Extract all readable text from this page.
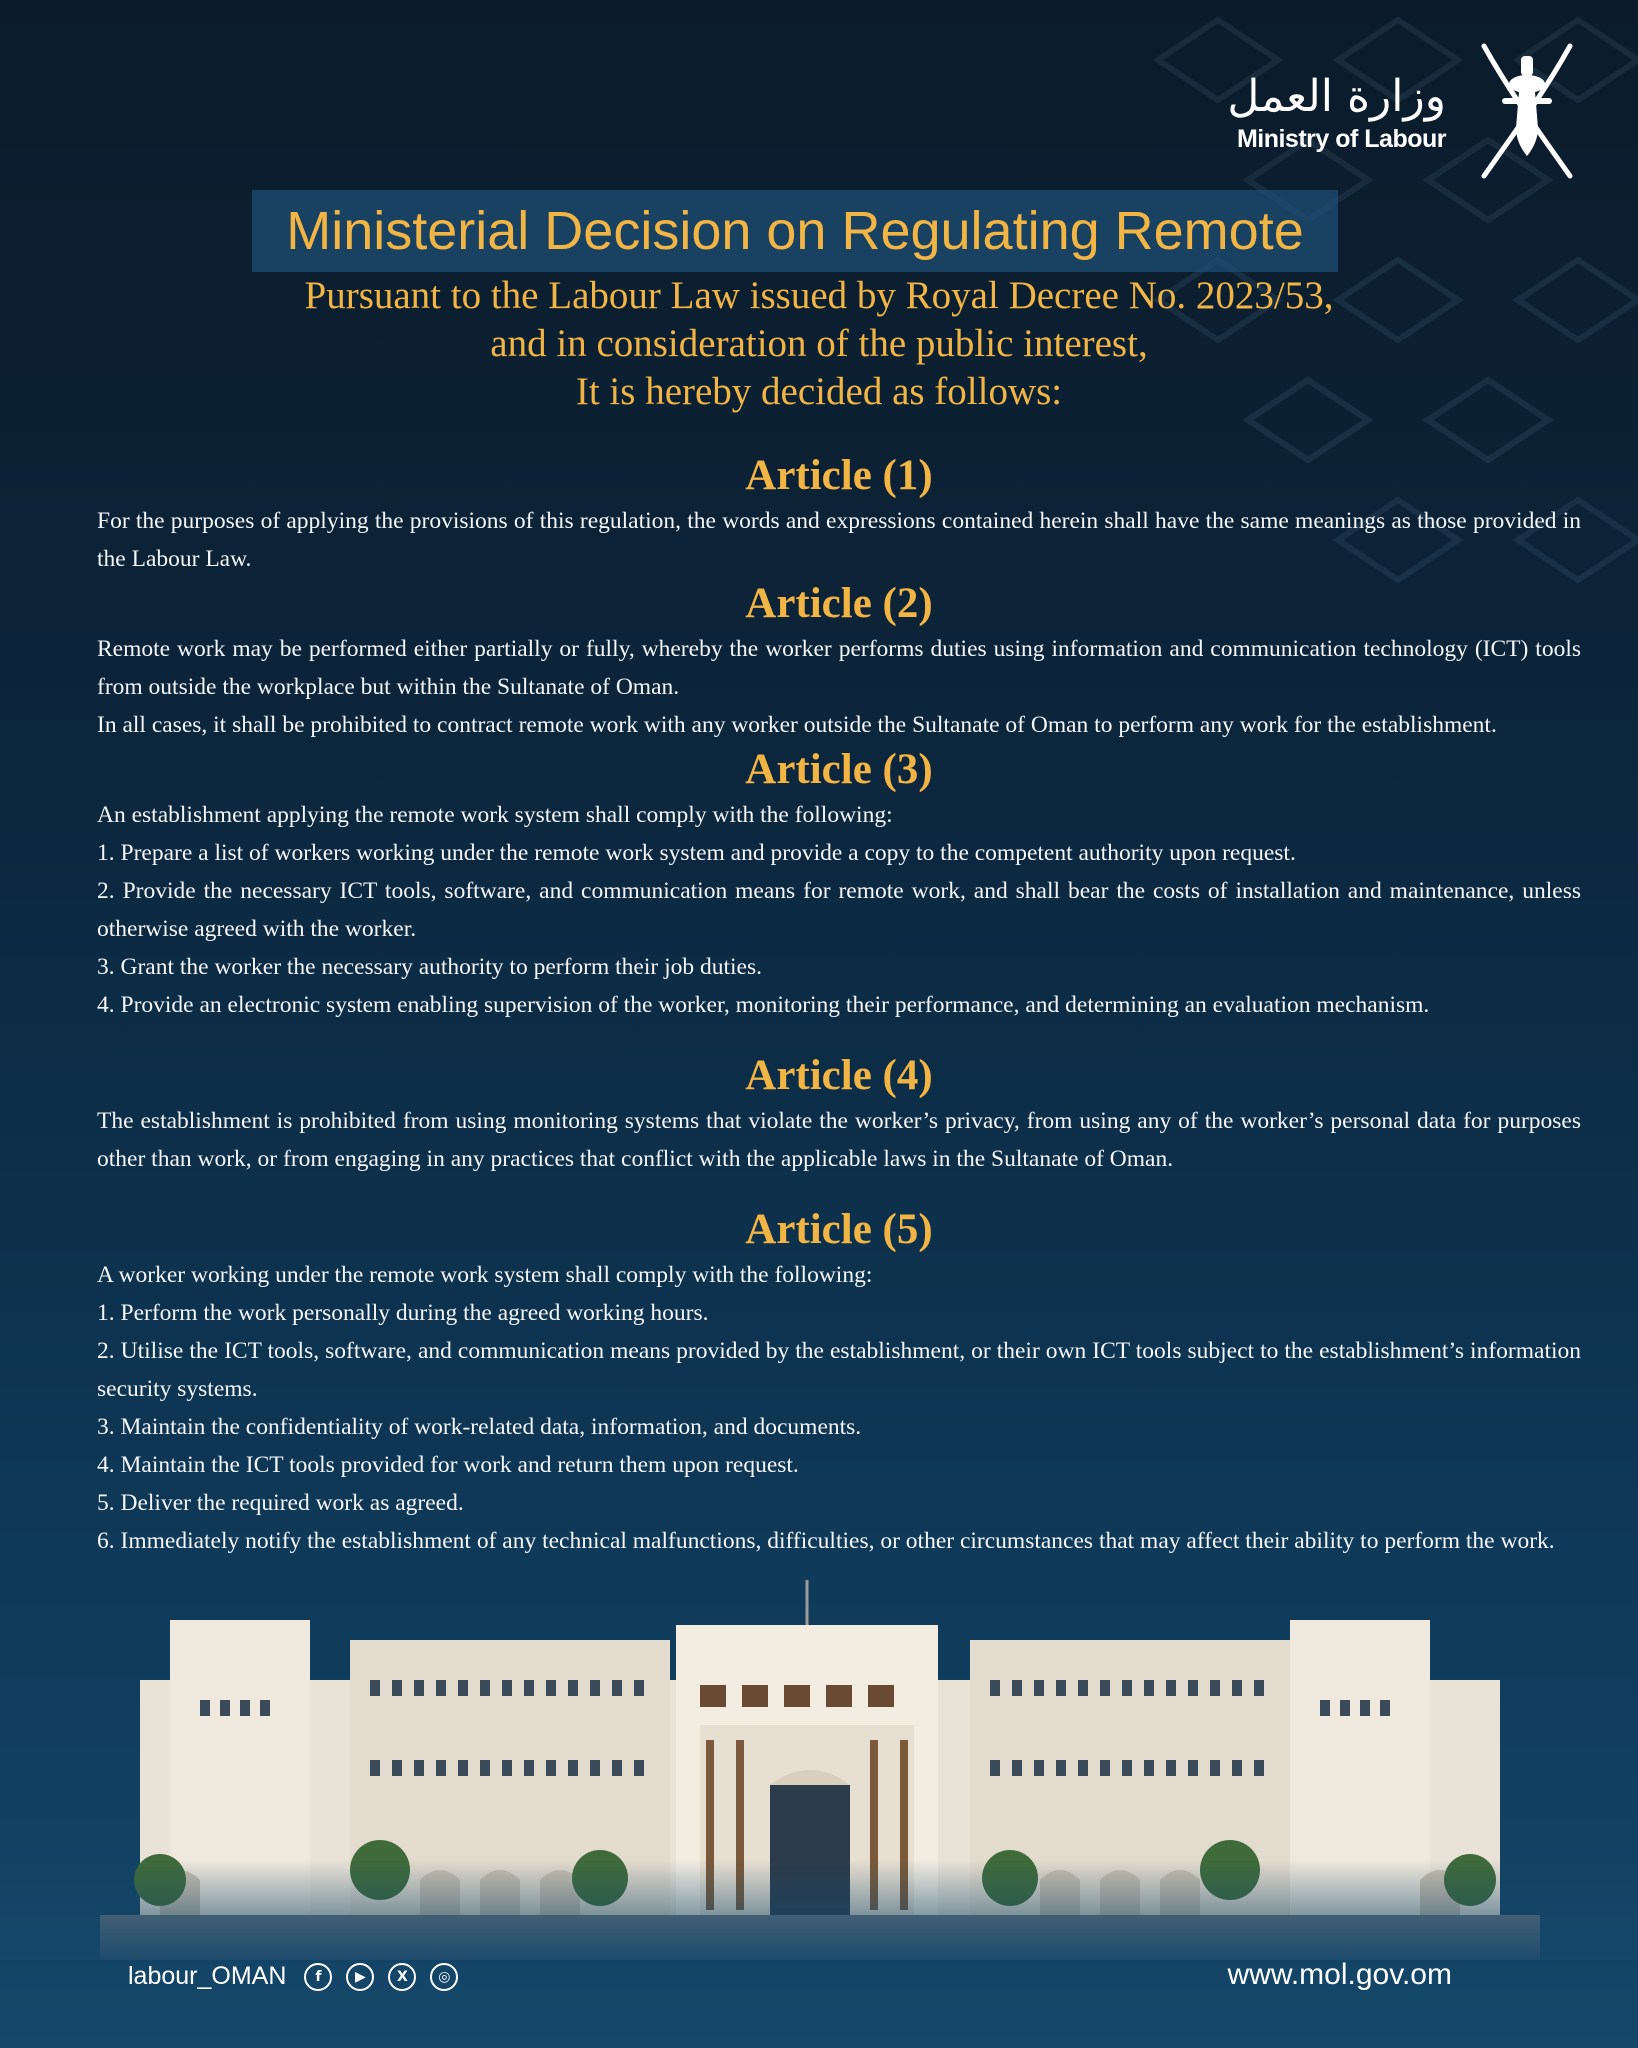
وزارة العمل
Ministry of Labour
Ministerial Decision on Regulating Remote
Pursuant to the Labour Law issued by Royal Decree No. 2023/53,
and in consideration of the public interest,
It is hereby decided as follows:
Article (1)

For the purposes of applying the provisions of this regulation, the words and expressions contained herein shall have the same meanings as those provided in the Labour Law.

Article (2)

Remote work may be performed either partially or fully, whereby the worker performs duties using information and communication technology (ICT) tools from outside the workplace but within the Sultanate of Oman.

In all cases, it shall be prohibited to contract remote work with any worker outside the Sultanate of Oman to perform any work for the establishment.

Article (3)

An establishment applying the remote work system shall comply with the following:

1. Prepare a list of workers working under the remote work system and provide a copy to the competent authority upon request.

2. Provide the necessary ICT tools, software, and communication means for remote work, and shall bear the costs of installation and maintenance, unless otherwise agreed with the worker.

3. Grant the worker the necessary authority to perform their job duties.

4. Provide an electronic system enabling supervision of the worker, monitoring their performance, and determining an evaluation mechanism.

Article (4)

The establishment is prohibited from using monitoring systems that violate the worker’s privacy, from using any of the worker’s personal data for purposes other than work, or from engaging in any practices that conflict with the applicable laws in the Sultanate of Oman.

Article (5)

A worker working under the remote work system shall comply with the following:

1. Perform the work personally during the agreed working hours.

2. Utilise the ICT tools, software, and communication means provided by the establishment, or their own ICT tools subject to the establishment’s information security systems.

3. Maintain the confidentiality of work-related data, information, and documents.

4. Maintain the ICT tools provided for work and return them upon request.

5. Deliver the required work as agreed.

6. Immediately notify the establishment of any technical malfunctions, difficulties, or other circumstances that may affect their ability to perform the work.

labour_OMAN	f	▶	X	◎	www.mol.gov.om
